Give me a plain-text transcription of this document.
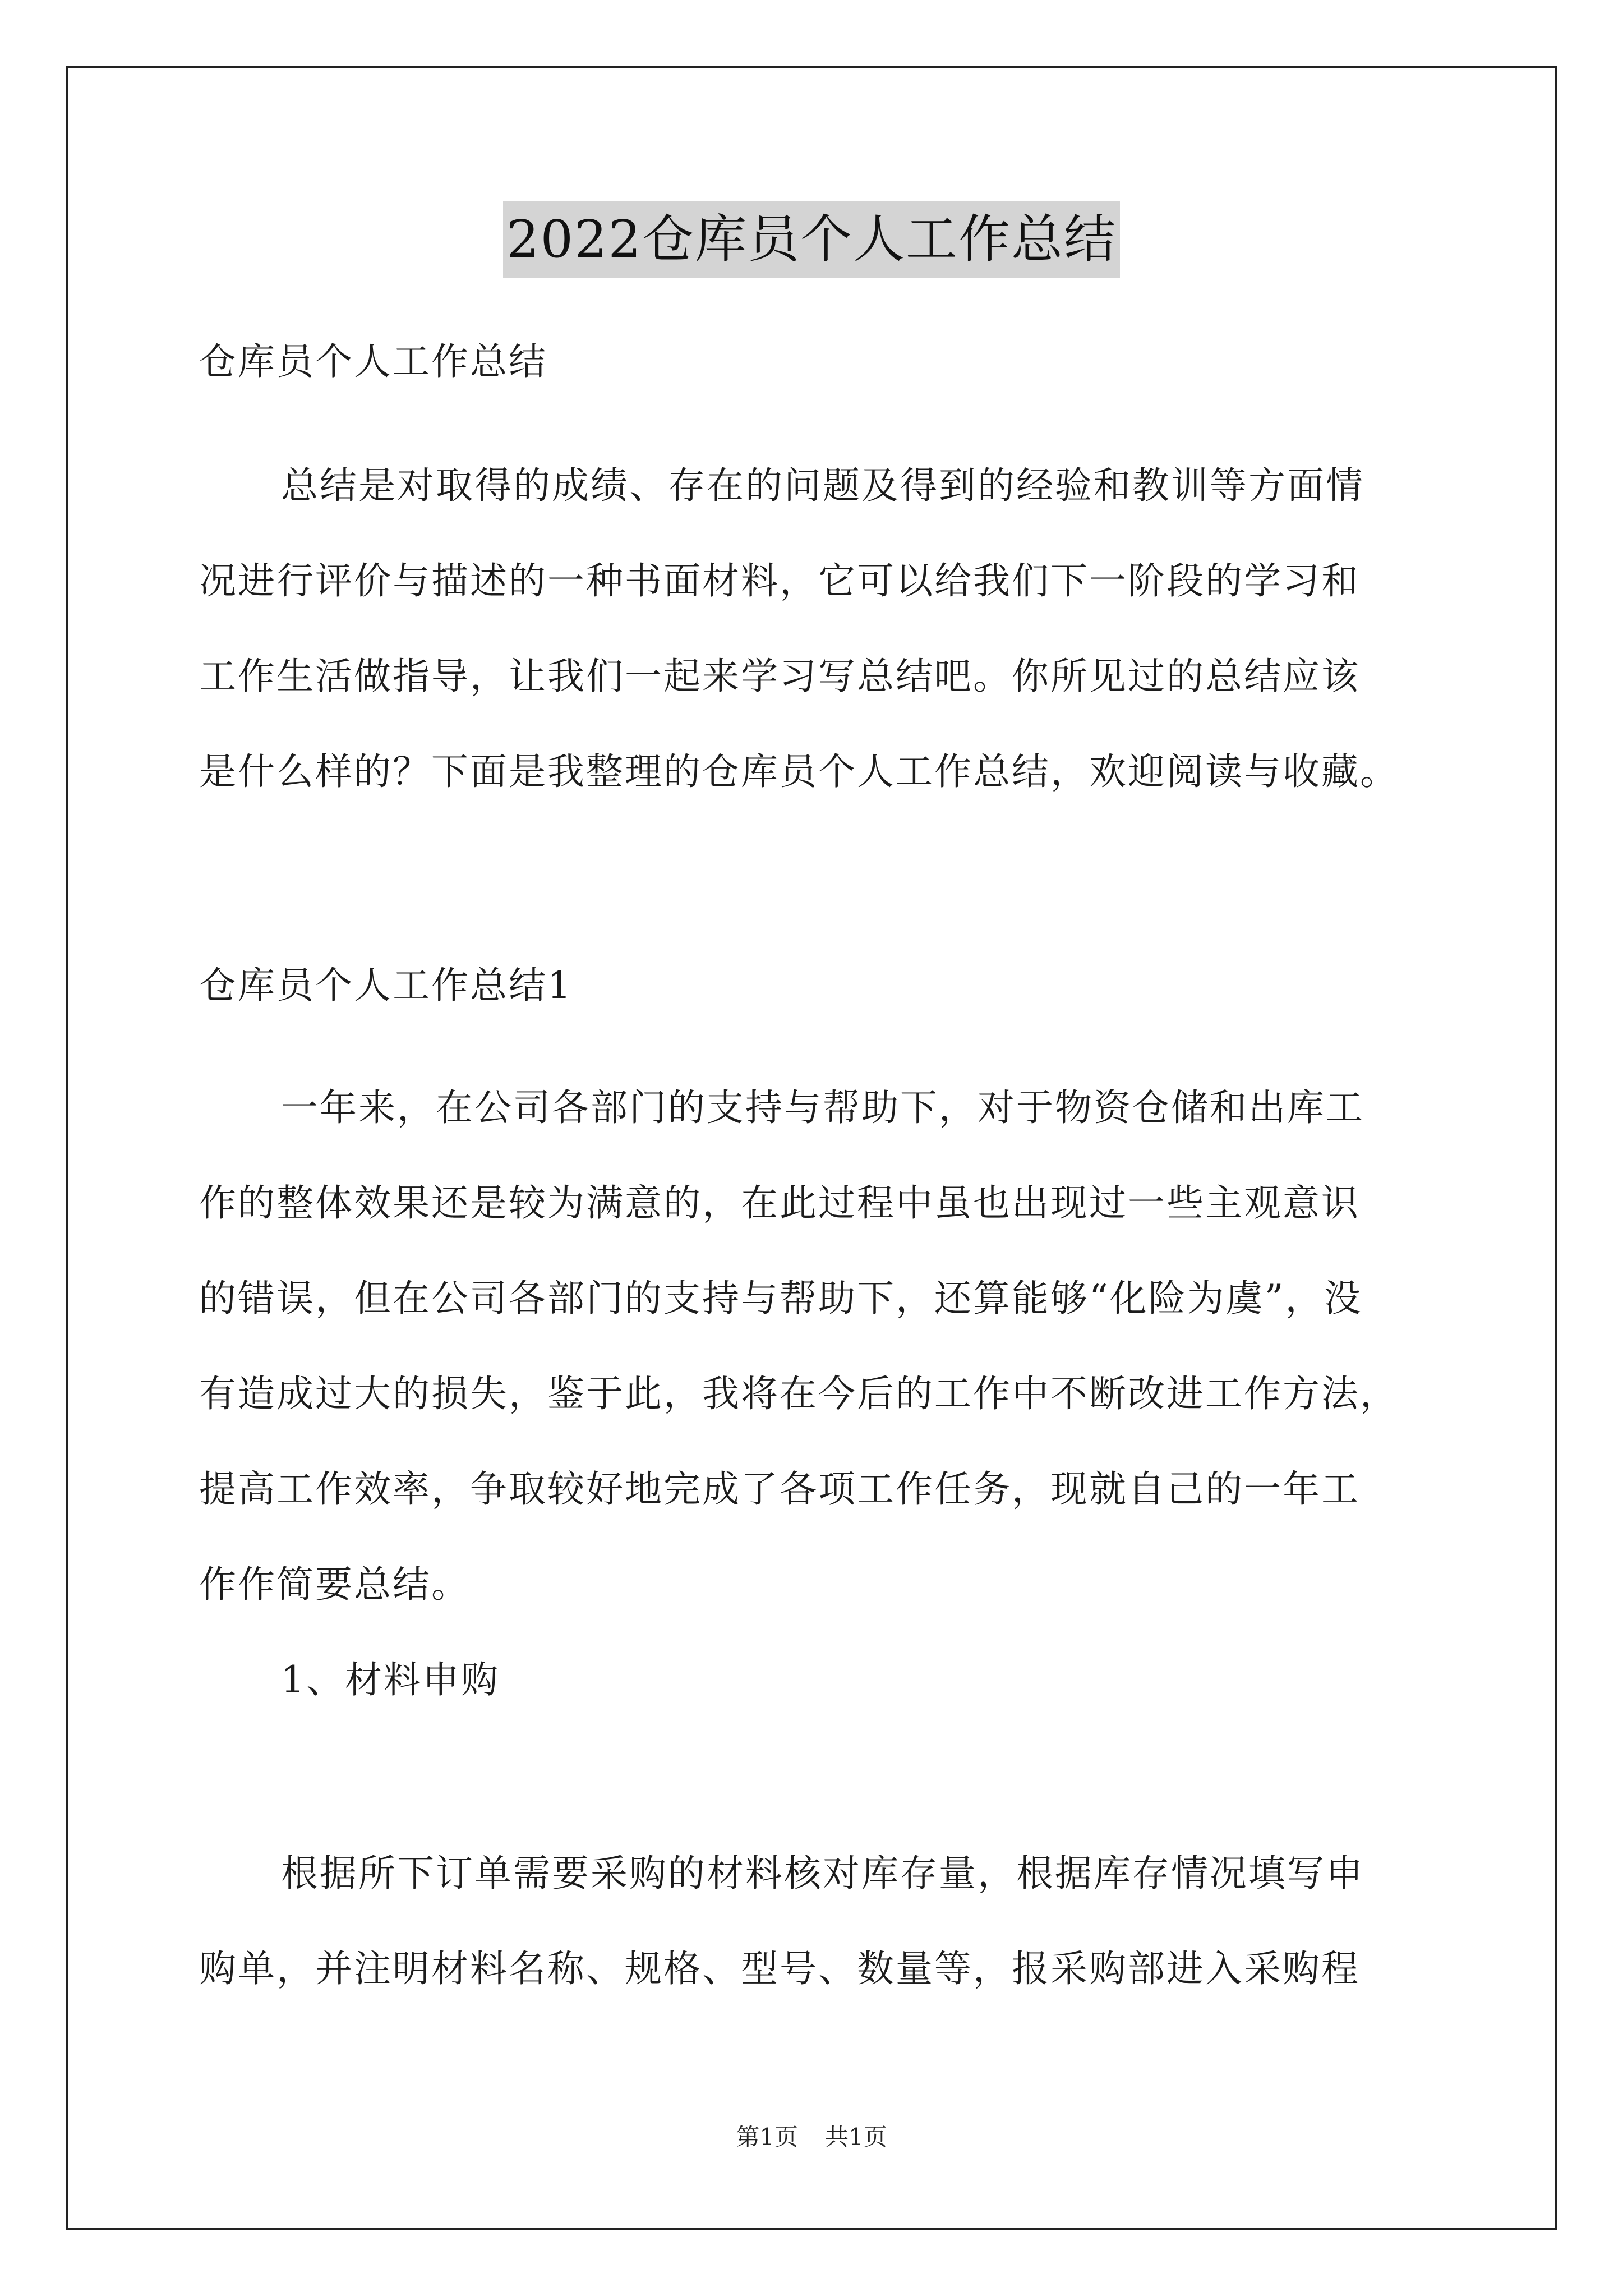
2022仓库员个人工作总结
仓库员个人工作总结
总结是对取得的成绩、存在的问题及得到的经验和教训等方面情
况进行评价与描述的一种书面材料，它可以给我们下一阶段的学习和
工作生活做指导，让我们一起来学习写总结吧。你所见过的总结应该
是什么样的？下面是我整理的仓库员个人工作总结，欢迎阅读与收藏。
仓库员个人工作总结1
一年来，在公司各部门的支持与帮助下，对于物资仓储和出库工
作的整体效果还是较为满意的，在此过程中虽也出现过一些主观意识
的错误，但在公司各部门的支持与帮助下，还算能够“化险为虞”，没
有造成过大的损失，鉴于此，我将在今后的工作中不断改进工作方法，
提高工作效率，争取较好地完成了各项工作任务，现就自己的一年工
作作简要总结。
1、材料申购
根据所下订单需要采购的材料核对库存量，根据库存情况填写申
购单，并注明材料名称、规格、型号、数量等，报采购部进入采购程
第1页 共1页
